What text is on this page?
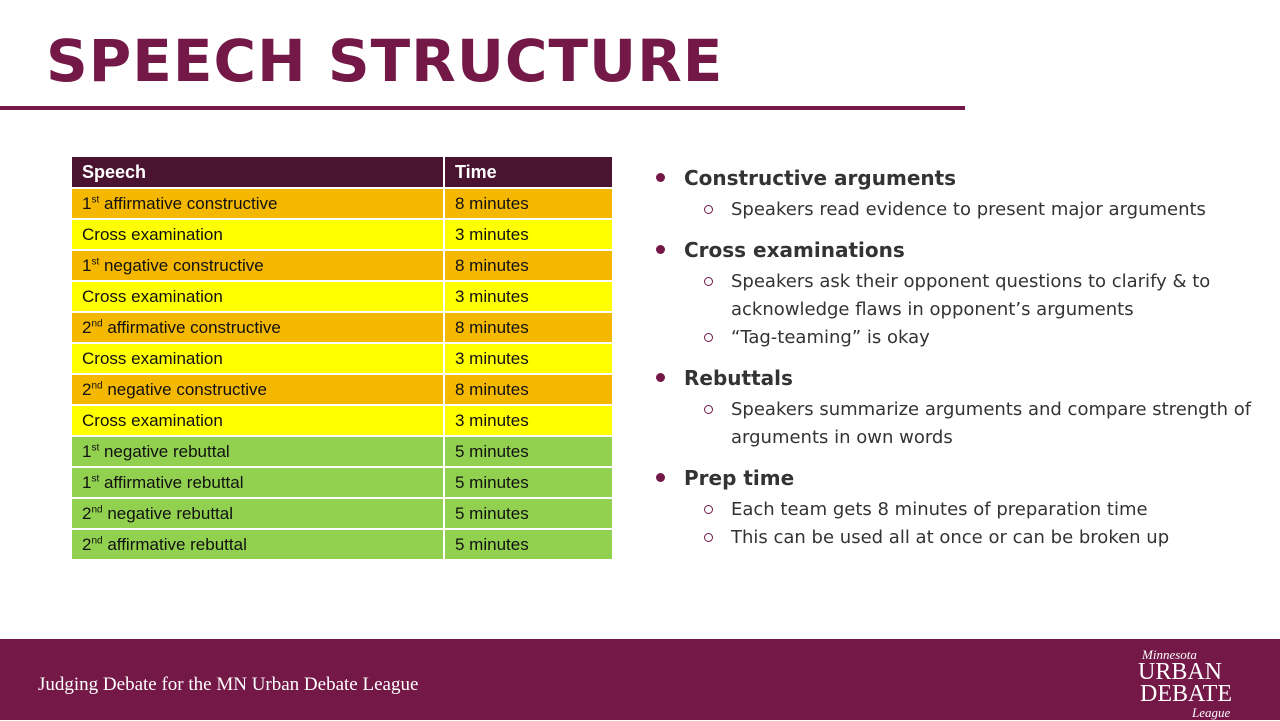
SPEECH STRUCTURE
Speech	Time
1st affirmative constructive	8 minutes
Cross examination	3 minutes
1st negative constructive	8 minutes
Cross examination	3 minutes
2nd affirmative constructive	8 minutes
Cross examination	3 minutes
2nd negative constructive	8 minutes
Cross examination	3 minutes
1st negative rebuttal	5 minutes
1st affirmative rebuttal	5 minutes
2nd negative rebuttal	5 minutes
2nd affirmative rebuttal	5 minutes
Constructive arguments
Speakers read evidence to present major arguments
Cross examinations
Speakers ask their opponent questions to clarify & to acknowledge flaws in opponent’s arguments
“Tag-teaming” is okay
Rebuttals
Speakers summarize arguments and compare strength of arguments in own words
Prep time
Each team gets 8 minutes of preparation time
This can be used all at once or can be broken up
Judging Debate for the MN Urban Debate League
Minnesota
URBAN
DEBATE
League
